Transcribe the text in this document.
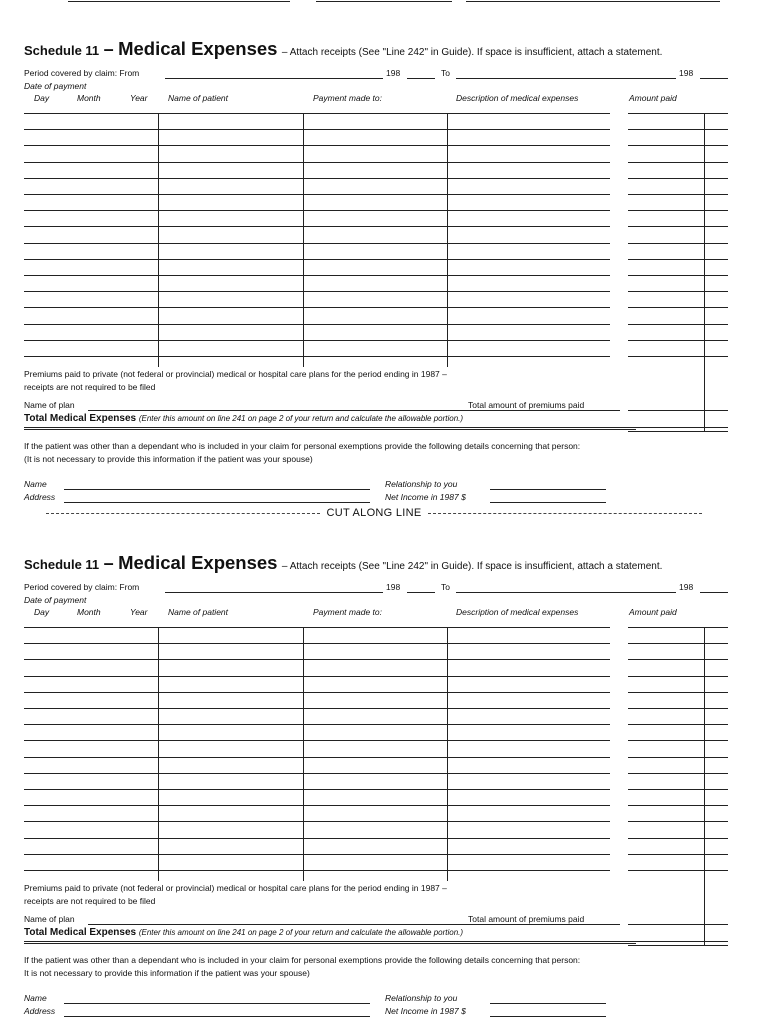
Schedule 11 – Medical Expenses – Attach receipts (See "Line 242" in Guide). If space is insufficient, attach a statement.
Period covered by claim: From	198	To	198
Date of payment
Day	Month	Year Name of patient	Payment made to:	Description of medical expenses	Amount paid
Premiums paid to private (not federal or provincial) medical or hospital care plans for the period ending in 1987 –
receipts are not required to be filed
Name of plan	Total amount of premiums paid
Total Medical Expenses (Enter this amount on line 241 on page 2 of your return and calculate the allowable portion.)
If the patient was other than a dependant who is included in your claim for personal exemptions provide the following details concerning that person:
(It is not necessary to provide this information if the patient was your spouse)
Name
Address
Relationship to you
Net Income in 1987 $
CUT ALONG LINE
Schedule 11 – Medical Expenses – Attach receipts (See "Line 242" in Guide). If space is insufficient, attach a statement.
Period covered by claim: From	198	To	198
Date of payment
Day	Month	Year Name of patient	Payment made to:	Description of medical expenses	Amount paid
Premiums paid to private (not federal or provincial) medical or hospital care plans for the period ending in 1987 –
receipts are not required to be filed
Name of plan	Total amount of premiums paid
Total Medical Expenses (Enter this amount on line 241 on page 2 of your return and calculate the allowable portion.)
If the patient was other than a dependant who is included in your claim for personal exemptions provide the following details concerning that person:
It is not necessary to provide this information if the patient was your spouse)
Name
Address
Relationship to you
Net Income in 1987 $
